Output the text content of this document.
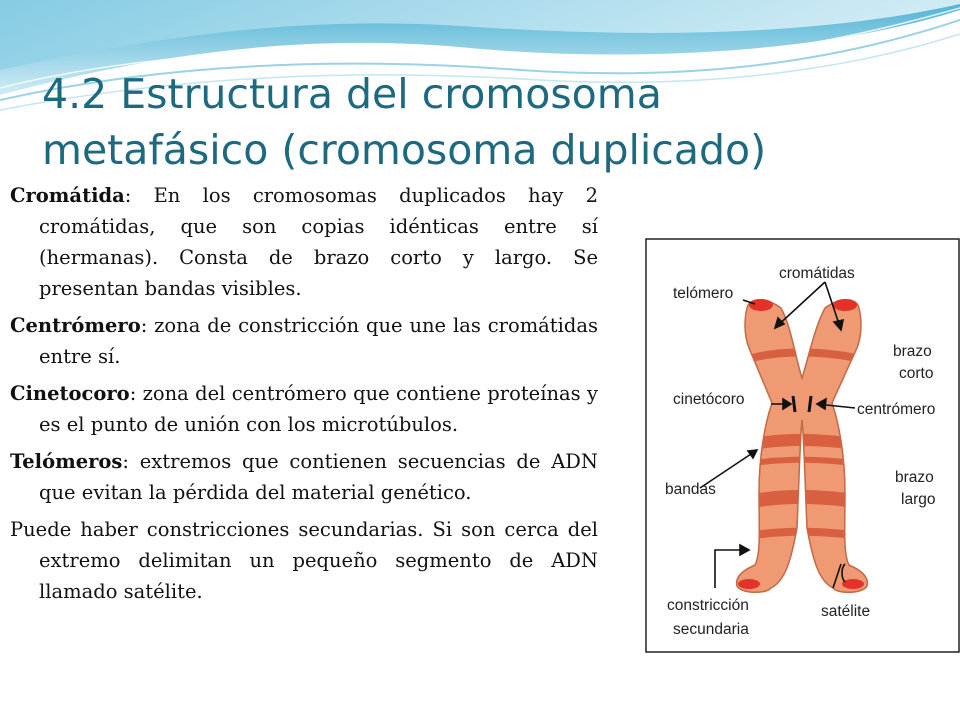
4.2 Estructura del cromosoma
metafásico (cromosoma duplicado)

Cromátida: En los cromosomas duplicados hay 2 cromátidas, que son copias idénticas entre sí (hermanas). Consta de brazo corto y largo. Se presentan bandas visibles.

Centrómero: zona de constricción que une las cromátidas entre sí.

Cinetocoro: zona del centrómero que contiene proteínas y es el punto de unión con los microtúbulos.

Telómeros: extremos que contienen secuencias de ADN que evitan la pérdida del material genético.

Puede haber constricciones secundarias. Si son cerca del extremo delimitan un pequeño segmento de ADN llamado satélite.

cromátidas
telómero
brazo
corto
cinetócoro
centrómero
bandas
brazo
largo
constricción
secundaria
satélite
